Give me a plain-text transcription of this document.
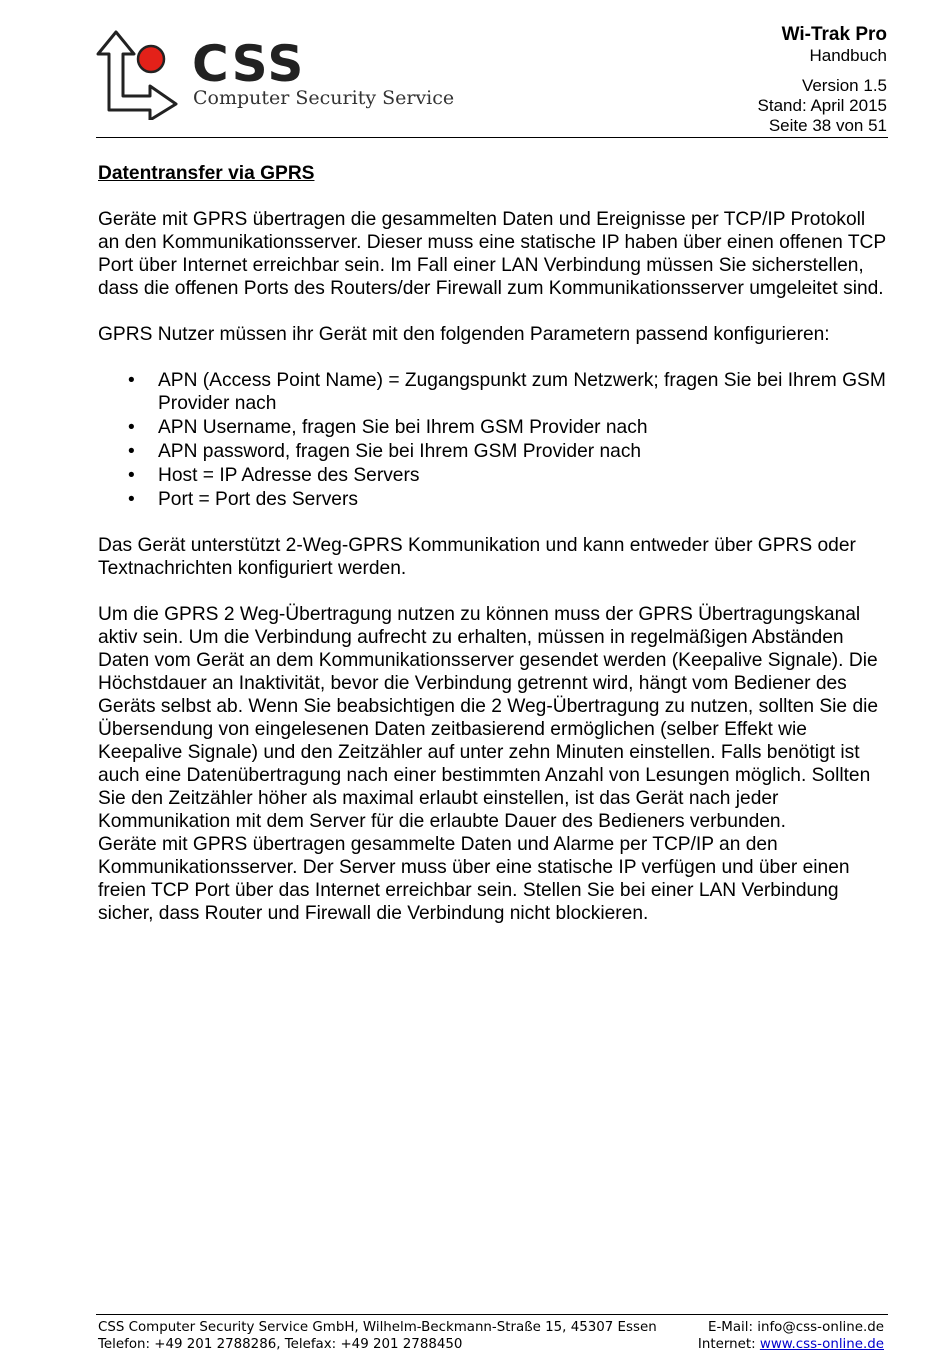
CSS
Computer Security Service
Wi-Trak Pro
Handbuch
Version 1.5
Stand: April 2015
Seite 38 von 51
Datentransfer via GPRS

Geräte mit GPRS übertragen die gesammelten Daten und Ereignisse per TCP/IP Protokoll an den Kommunikationsserver. Dieser muss eine statische IP haben über einen offenen TCP Port über Internet erreichbar sein. Im Fall einer LAN Verbindung müssen Sie sicherstellen, dass die offenen Ports des Routers/der Firewall zum Kommunikationsserver umgeleitet sind.

GPRS Nutzer müssen ihr Gerät mit den folgenden Parametern passend konfigurieren:

• APN (Access Point Name) = Zugangspunkt zum Netzwerk; fragen Sie bei Ihrem GSM Provider nach
• APN Username, fragen Sie bei Ihrem GSM Provider nach
• APN password, fragen Sie bei Ihrem GSM Provider nach
• Host = IP Adresse des Servers
• Port = Port des Servers

Das Gerät unterstützt 2-Weg-GPRS Kommunikation und kann entweder über GPRS oder Textnachrichten konfiguriert werden.

Um die GPRS 2 Weg-Übertragung nutzen zu können muss der GPRS Übertragungskanal aktiv sein. Um die Verbindung aufrecht zu erhalten, müssen in regelmäßigen Abständen Daten vom Gerät an dem Kommunikationsserver gesendet werden (Keepalive Signale). Die Höchstdauer an Inaktivität, bevor die Verbindung getrennt wird, hängt vom Bediener des Geräts selbst ab. Wenn Sie beabsichtigen die 2 Weg-Übertragung zu nutzen, sollten Sie die Übersendung von eingelesenen Daten zeitbasierend ermöglichen (selber Effekt wie Keepalive Signale) und den Zeitzähler auf unter zehn Minuten einstellen. Falls benötigt ist auch eine Datenübertragung nach einer bestimmten Anzahl von Lesungen möglich. Sollten Sie den Zeitzähler höher als maximal erlaubt einstellen, ist das Gerät nach jeder Kommunikation mit dem Server für die erlaubte Dauer des Bedieners verbunden.

Geräte mit GPRS übertragen gesammelte Daten und Alarme per TCP/IP an den Kommunikationsserver. Der Server muss über eine statische IP verfügen und über einen freien TCP Port über das Internet erreichbar sein. Stellen Sie bei einer LAN Verbindung sicher, dass Router und Firewall die Verbindung nicht blockieren.

CSS Computer Security Service GmbH, Wilhelm-Beckmann-Straße 15, 45307 Essen	E-Mail: info@css-online.de
Telefon: +49 201 2788286, Telefax: +49 201 2788450	Internet: www.css-online.de
